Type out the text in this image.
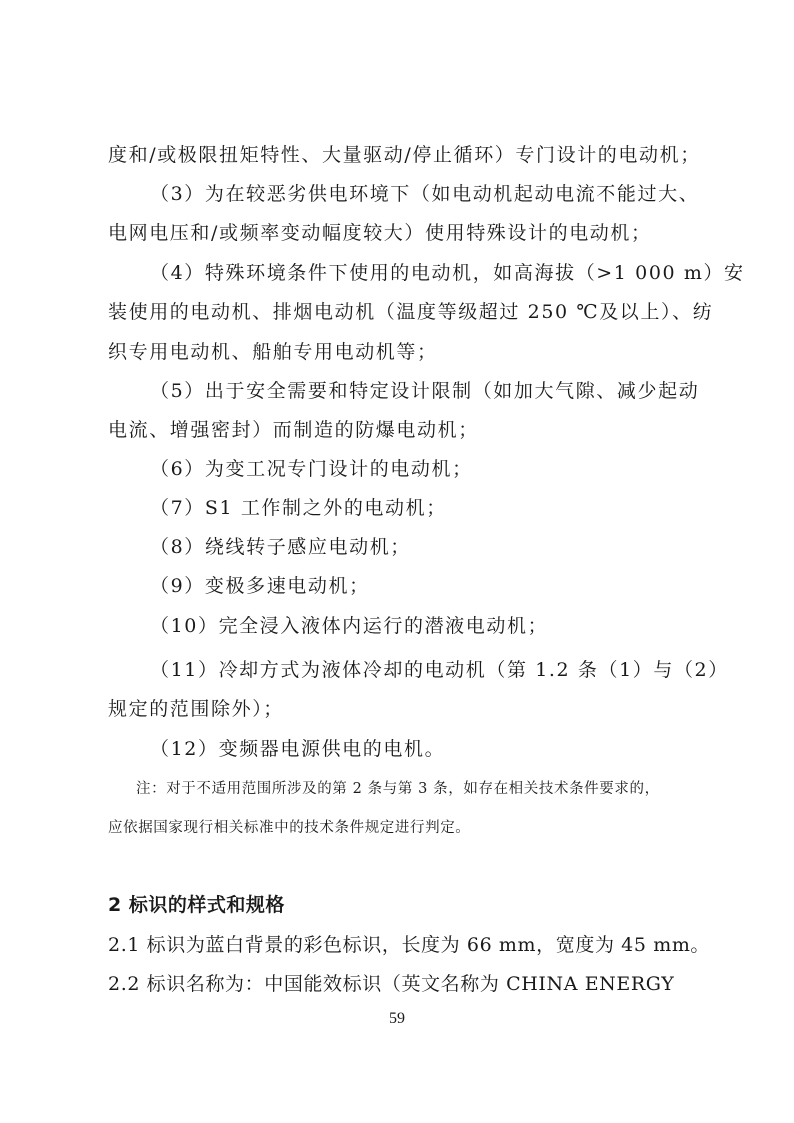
度和/或极限扭矩特性、大量驱动/停止循环）专门设计的电动机；
（3）为在较恶劣供电环境下（如电动机起动电流不能过大、
电网电压和/或频率变动幅度较大）使用特殊设计的电动机；
（4）特殊环境条件下使用的电动机，如高海拔（>1 000 m）安
装使用的电动机、排烟电动机（温度等级超过 250 ℃及以上）、纺
织专用电动机、船舶专用电动机等；
（5）出于安全需要和特定设计限制（如加大气隙、减少起动
电流、增强密封）而制造的防爆电动机；
（6）为变工况专门设计的电动机；
（7）S1 工作制之外的电动机；
（8）绕线转子感应电动机；
（9）变极多速电动机；
（10）完全浸入液体内运行的潜液电动机；
（11）冷却方式为液体冷却的电动机（第 1.2 条（1）与（2）
规定的范围除外）；
（12）变频器电源供电的电机。
注：对于不适用范围所涉及的第 2 条与第 3 条，如存在相关技术条件要求的，
应依据国家现行相关标准中的技术条件规定进行判定。
2 标识的样式和规格
2.1 标识为蓝白背景的彩色标识，长度为 66 mm，宽度为 45 mm。
2.2 标识名称为：中国能效标识（英文名称为 CHINA ENERGY
59
